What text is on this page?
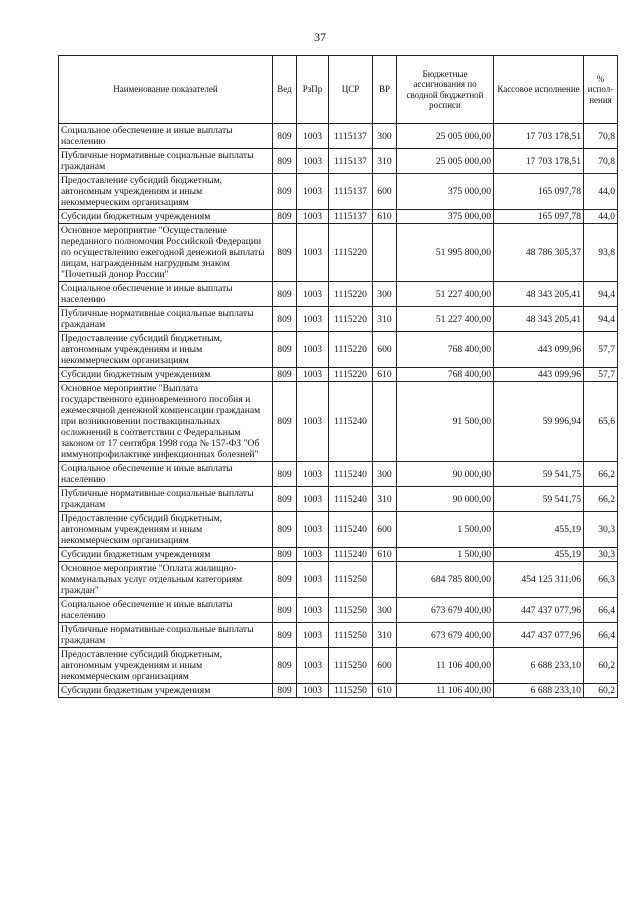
37
Наименование показателей	Вед	РзПр	ЦСР	ВР	Бюджетные ассигнования по сводной бюджетной росписи	Кассовое исполнение	% испол-нения
Социальное обеспечение и иные выплаты населению	809	1003	1115137	300	25 005 000,00	17 703 178,51	70,8
Публичные нормативные социальные выплаты гражданам	809	1003	1115137	310	25 005 000,00	17 703 178,51	70,8
Предоставление субсидий бюджетным, автономным учреждениям и иным некоммерческим организациям	809	1003	1115137	600	375 000,00	165 097,78	44,0
Субсидии бюджетным учреждениям	809	1003	1115137	610	375 000,00	165 097,78	44,0
Основное мероприятие "Осуществление переданного полномочия Российской Федерации по осуществлению ежегодной денежной выплаты лицам, награжденным нагрудным знаком "Почетный донор России"	809	1003	1115220		51 995 800,00	48 786 305,37	93,8
Социальное обеспечение и иные выплаты населению	809	1003	1115220	300	51 227 400,00	48 343 205,41	94,4
Публичные нормативные социальные выплаты гражданам	809	1003	1115220	310	51 227 400,00	48 343 205,41	94,4
Предоставление субсидий бюджетным, автономным учреждениям и иным некоммерческим организациям	809	1003	1115220	600	768 400,00	443 099,96	57,7
Субсидии бюджетным учреждениям	809	1003	1115220	610	768 400,00	443 099,96	57,7
Основное мероприятие "Выплата государственного единовременного пособия и ежемесячной денежной компенсации гражданам при возникновении поствакцинальных осложнений в соответствии с Федеральным законом от 17 сентября 1998 года № 157-ФЗ "Об иммунопрофилактике инфекционных болезней"	809	1003	1115240		91 500,00	59 996,94	65,6
Социальное обеспечение и иные выплаты населению	809	1003	1115240	300	90 000,00	59 541,75	66,2
Публичные нормативные социальные выплаты гражданам	809	1003	1115240	310	90 000,00	59 541,75	66,2
Предоставление субсидий бюджетным, автономным учреждениям и иным некоммерческим организациям	809	1003	1115240	600	1 500,00	455,19	30,3
Субсидии бюджетным учреждениям	809	1003	1115240	610	1 500,00	455,19	30,3
Основное мероприятие "Оплата жилищно-коммунальных услуг отдельным категориям граждан"	809	1003	1115250		684 785 800,00	454 125 311,06	66,3
Социальное обеспечение и иные выплаты населению	809	1003	1115250	300	673 679 400,00	447 437 077,96	66,4
Публичные нормативные социальные выплаты гражданам	809	1003	1115250	310	673 679 400,00	447 437 077,96	66,4
Предоставление субсидий бюджетным, автономным учреждениям и иным некоммерческим организациям	809	1003	1115250	600	11 106 400,00	6 688 233,10	60,2
Субсидии бюджетным учреждениям	809	1003	1115250	610	11 106 400,00	6 688 233,10	60,2
